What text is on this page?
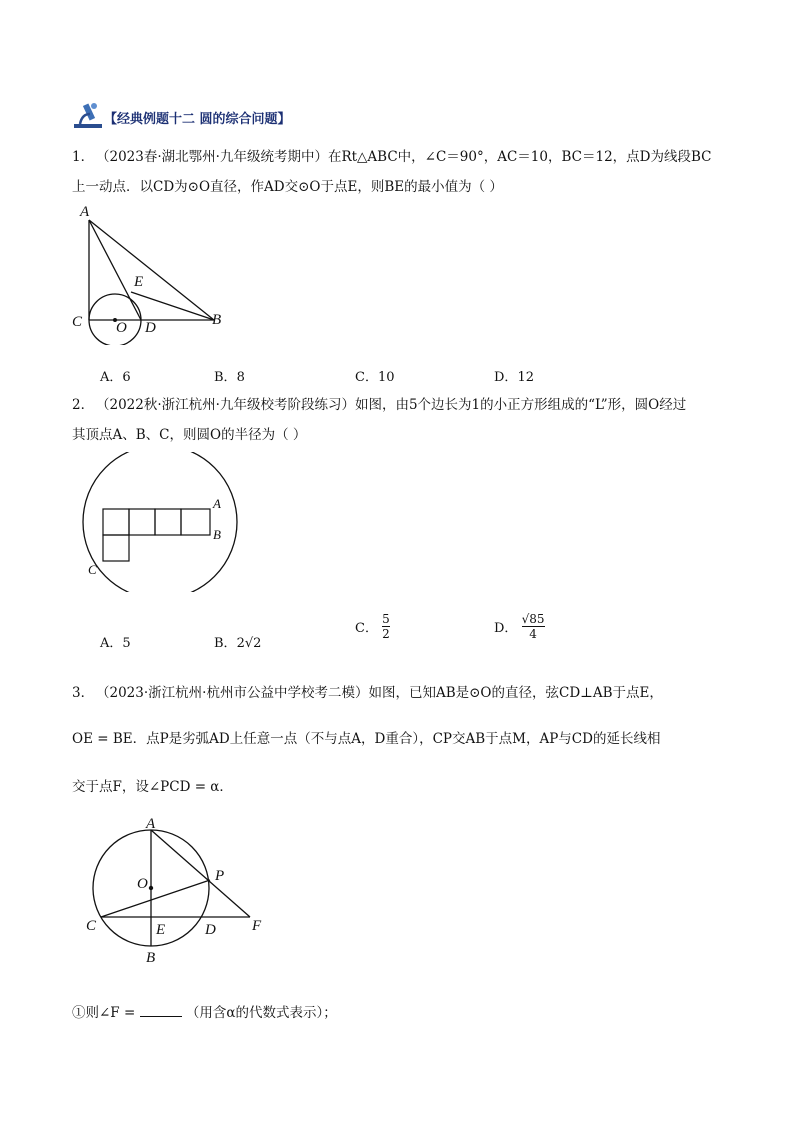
【经典例题十二 圆的综合问题】
1． （2023春·湖北鄂州·九年级统考期中）在Rt△ABC中，∠C＝90°，AC＝10，BC＝12，点D为线段BC
上一动点．以CD为⊙O直径，作AD交⊙O于点E，则BE的最小值为（ ）
A
E
C O D	B
A．6	B．8	C．10	D．12
2． （2022秋·浙江杭州·九年级校考阶段练习）如图，由5个边长为1的小正方形组成的“L”形，圆O经过
其顶点A、B、C，则圆O的半径为（ ）
A
B
C
A．5	B．2√2
C． $\frac{5}{2}$	D． $\frac{√85}{4}$
3． （2023·浙江杭州·杭州市公益中学校考二模）如图，已知AB是⊙O的直径，弦CD⊥AB于点E，
OE = BE．点P是劣弧AD上任意一点（不与点A，D重合），CP交AB于点M，AP与CD的延长线相
交于点F，设∠PCD = α．
A
O	P
C	E	D F
B
①则∠F =	（用含α的代数式表示）；
